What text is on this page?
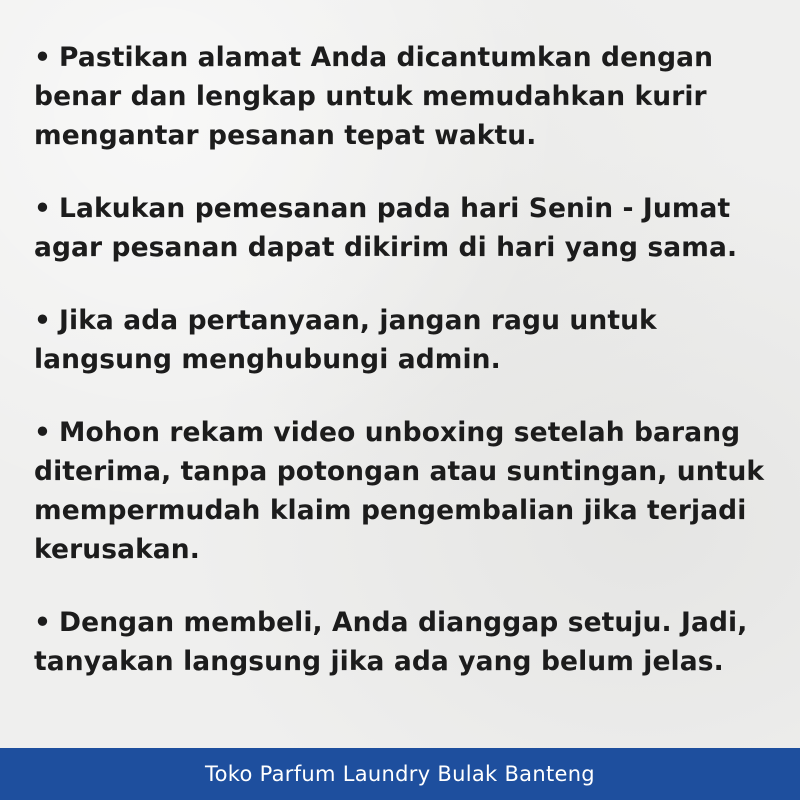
• Pastikan alamat Anda dicantumkan dengan benar dan lengkap untuk memudahkan kurir mengantar pesanan tepat waktu.

• Lakukan pemesanan pada hari Senin - Jumat agar pesanan dapat dikirim di hari yang sama.

• Jika ada pertanyaan, jangan ragu untuk langsung menghubungi admin.

• Mohon rekam video unboxing setelah barang diterima, tanpa potongan atau suntingan, untuk mempermudah klaim pengembalian jika terjadi kerusakan.

• Dengan membeli, Anda dianggap setuju. Jadi, tanyakan langsung jika ada yang belum jelas.

Toko Parfum Laundry Bulak Banteng
